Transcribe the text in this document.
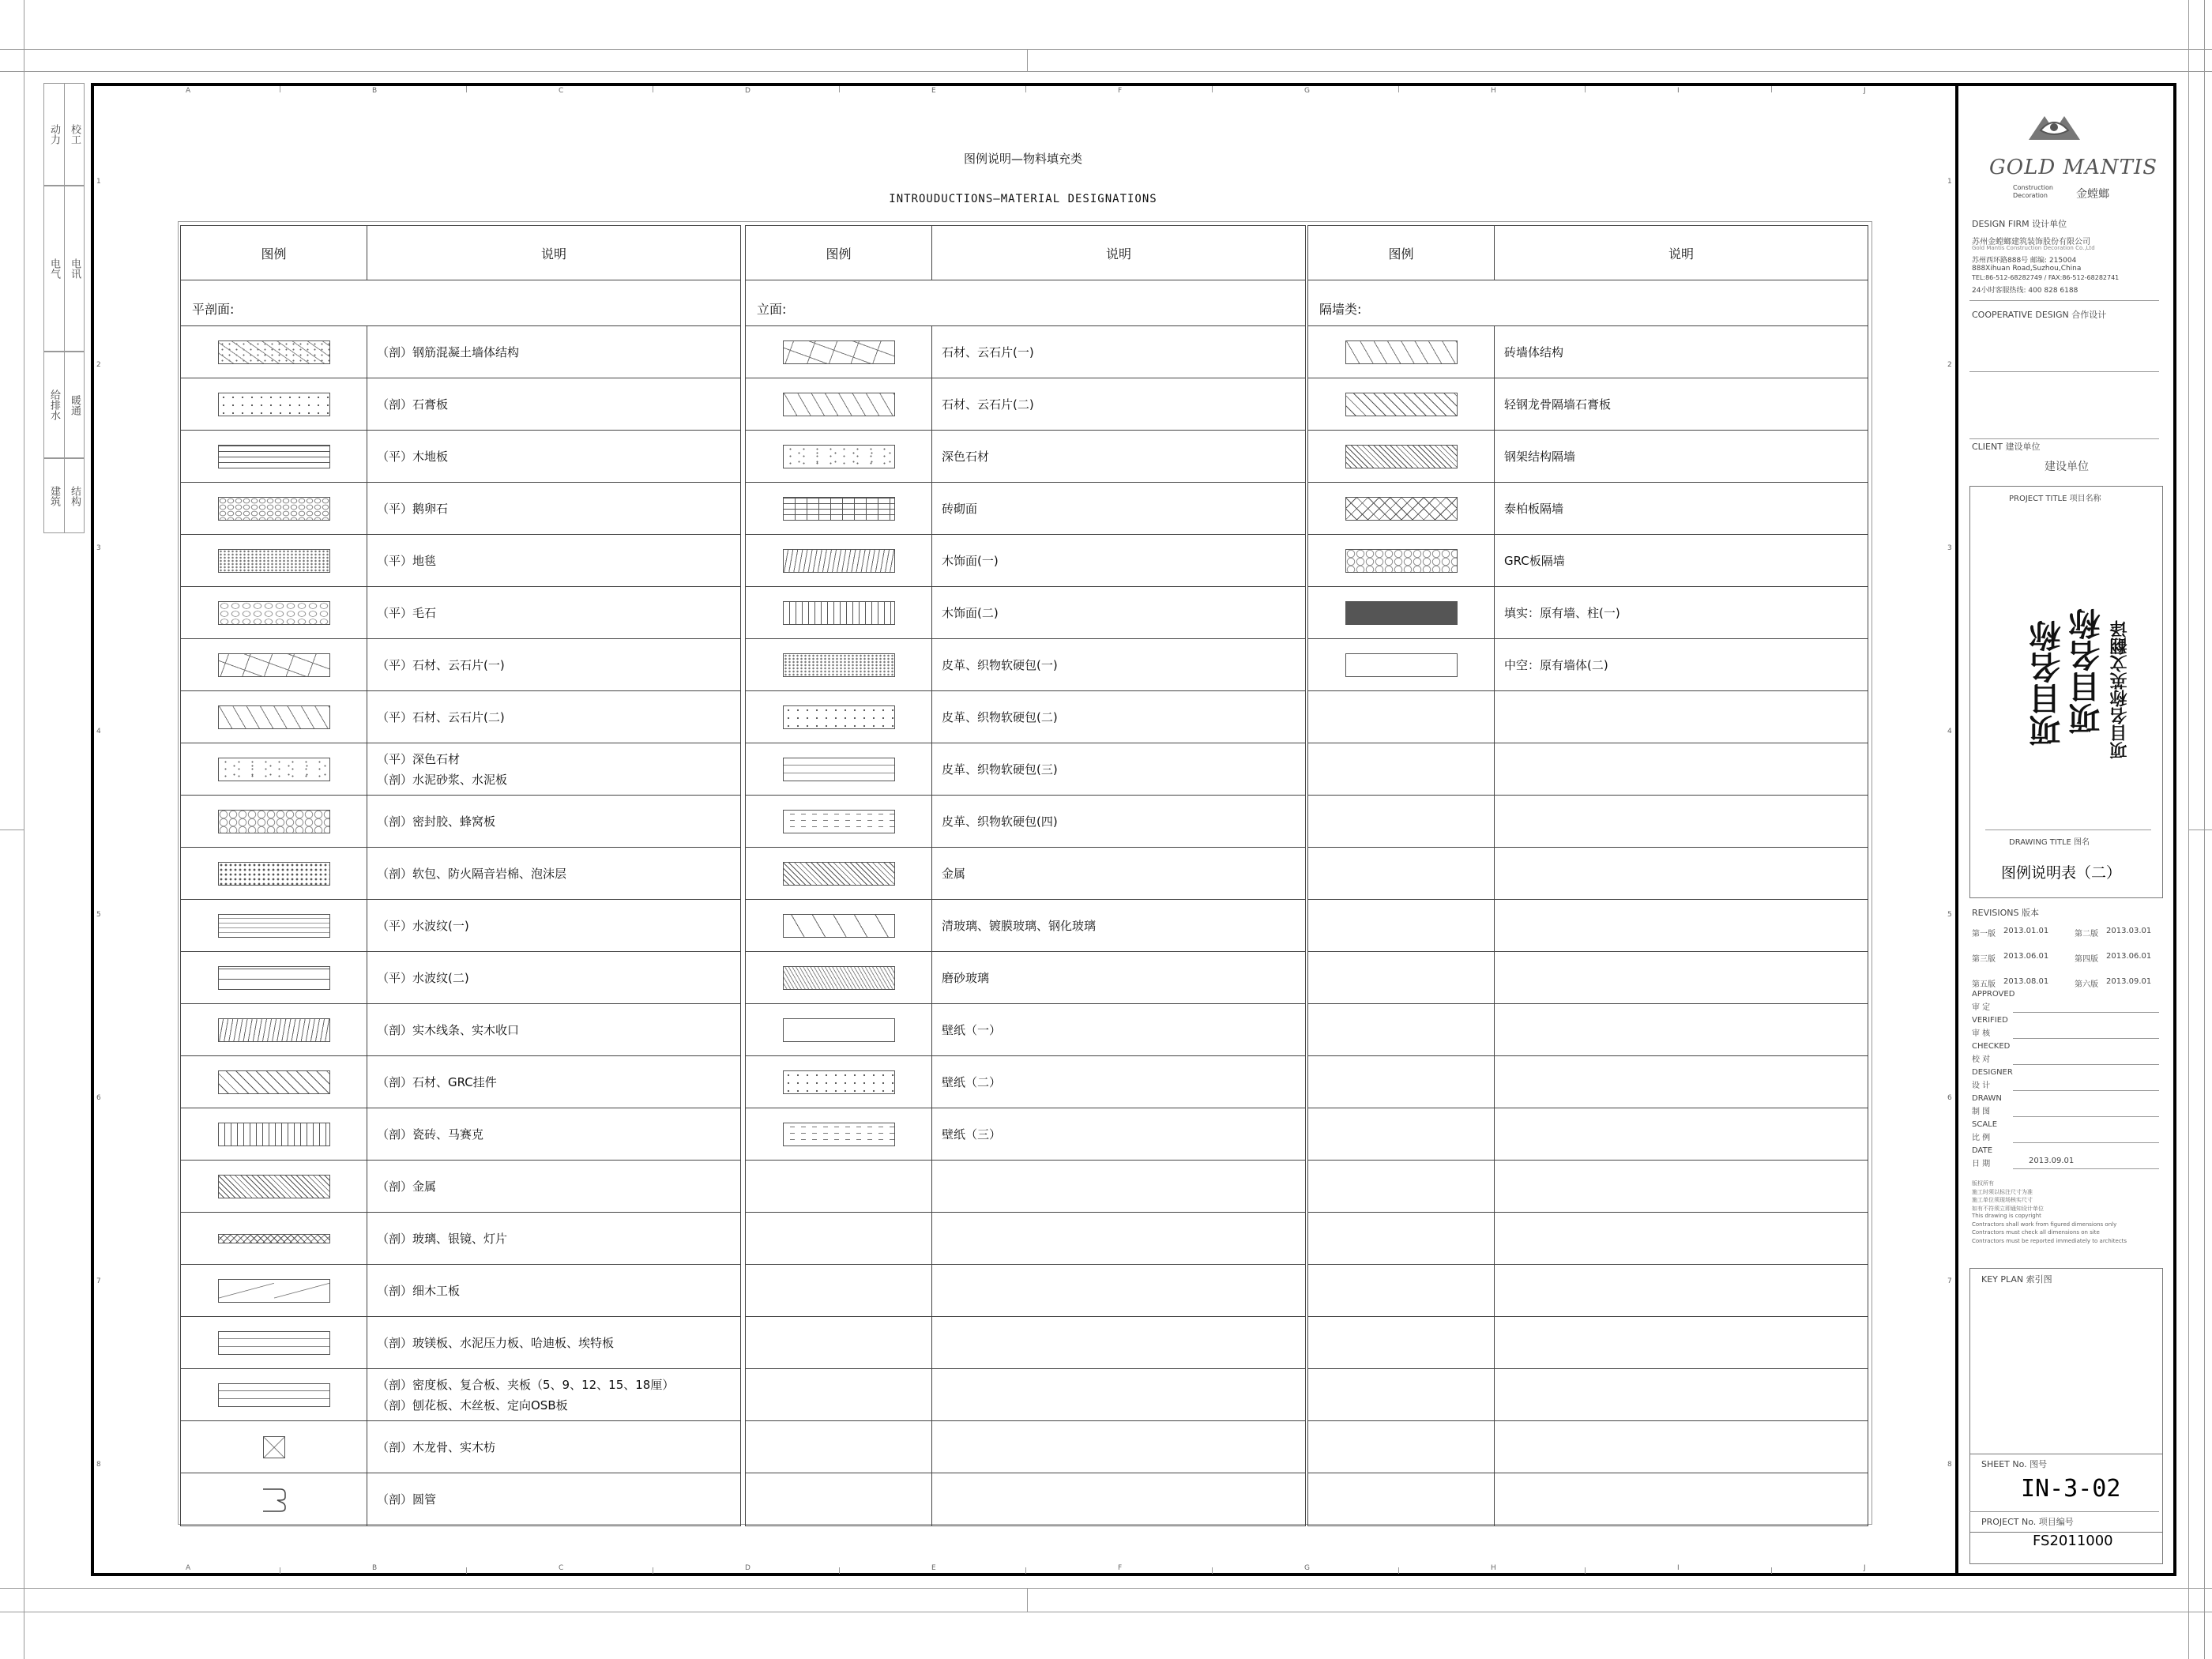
动力 校工
电气 电讯
给排水 暖通
建筑 结构
A
A
B
B
C
C
D
D
E
E
F
F
G
G
H
H
I
I
J
J
1	1
2	2
3	3
4	4
5	5
6	6
7	7
8	8
图例说明—物料填充类
INTROUDUCTIONS—MATERIAL DESIGNATIONS
图例	说明
平剖面:
（剖）钢筋混凝土墙体结构
（剖）石膏板
（平）木地板
（平）鹅卵石
（平）地毯
（平）毛石
（平）石材、云石片(一)
（平）石材、云石片(二)
（平）深色石材
（剖）水泥砂浆、水泥板
（剖）密封胶、蜂窝板
（剖）软包、防火隔音岩棉、泡沫层
（平）水波纹(一)
（平）水波纹(二)
（剖）实木线条、实木收口
（剖）石材、GRC挂件
（剖）瓷砖、马赛克
（剖）金属
（剖）玻璃、银镜、灯片
（剖）细木工板
（剖）玻镁板、水泥压力板、哈迪板、埃特板
（剖）密度板、复合板、夹板（5、9、12、15、18厘）
（剖）刨花板、木丝板、定向OSB板
（剖）木龙骨、实木枋
（剖）圆管
图例	说明
立面:
石材、云石片(一)
石材、云石片(二)
深色石材
砖砌面
木饰面(一)
木饰面(二)
皮革、织物软硬包(一)
皮革、织物软硬包(二)
皮革、织物软硬包(三)
皮革、织物软硬包(四)
金属
清玻璃、镀膜玻璃、钢化玻璃
磨砂玻璃
壁纸（一）
壁纸（二）
壁纸（三）
图例	说明
隔墙类:
砖墙体结构
轻钢龙骨隔墙石膏板
钢架结构隔墙
泰柏板隔墙
GRC板隔墙
填实：原有墙、柱(一)
中空：原有墙体(二)
GOLD MANTIS
Construction Decoration	金螳螂
DESIGN FIRM 设计单位
苏州金螳螂建筑装饰股份有限公司
Gold Mantis Construction Decoration Co.,Ltd
苏州西环路888号 邮编: 215004
888Xihuan Road,Suzhou,China
TEL:86-512-68282749 / FAX:86-512-68282741
24小时客服热线: 400 828 6188
COOPERATIVE DESIGN 合作设计
CLIENT 建设单位
建设单位
PROJECT TITLE 项目名称
项目名称 项目名称 项目名称英文翻译
DRAWING TITLE 图名
图例说明表（二）
REVISIONS 版本
KEY PLAN 索引图
SHEET No. 图号
IN-3-02
PROJECT No. 项目编号
FS2011000
第一版 2013.01.01	第二版 2013.03.01
第三版 2013.06.01	第四版 2013.06.01
第五版 2013.08.01	第六版 2013.09.01
APPROVED
审 定
VERIFIED
审 核
CHECKED
校 对
DESIGNER
设 计
DRAWN
制 图
SCALE
比 例
DATE
日 期	2013.09.01
版权所有
施工时须以标注尺寸为准
施工单位须现场核实尺寸
如有不符须立即通知设计单位
This drawing is copyright
Contractors shall work from figured dimensions only
Contractors must check all dimensions on site
Contractors must be reported immediately to architects
